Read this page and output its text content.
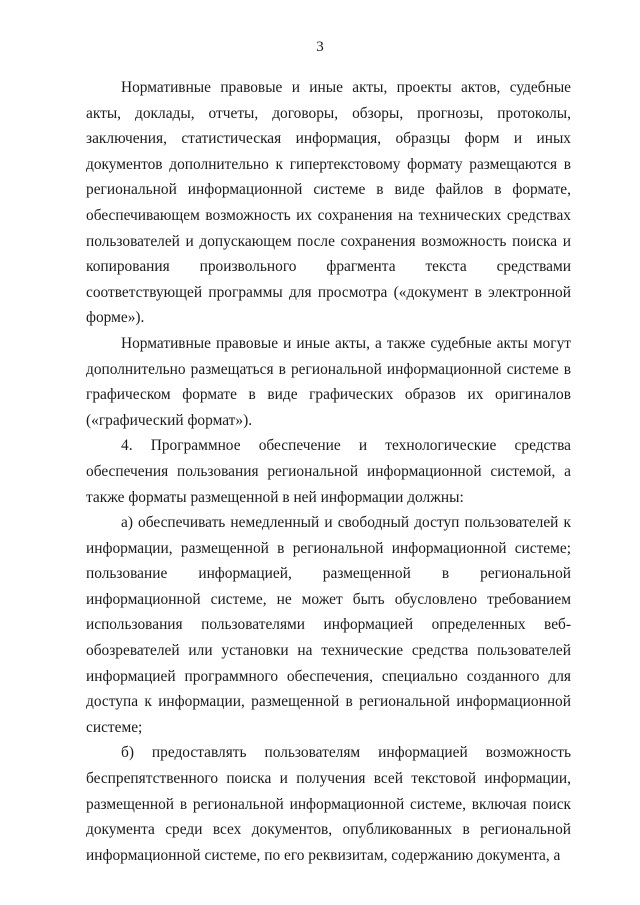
3

Нормативные правовые и иные акты, проекты актов, судебные акты, доклады, отчеты, договоры, обзоры, прогнозы, протоколы, заключения, статистическая информация, образцы форм и иных документов дополнительно к гипертекстовому формату размещаются в региональной информационной системе в виде файлов в формате, обеспечивающем возможность их сохранения на технических средствах пользователей и допускающем после сохранения возможность поиска и копирования произвольного фрагмента текста средствами соответствующей программы для просмотра («документ в электронной форме»).

Нормативные правовые и иные акты, а также судебные акты могут дополнительно размещаться в региональной информационной системе в графическом формате в виде графических образов их оригиналов («графический формат»).

4. Программное обеспечение и технологические средства обеспечения пользования региональной информационной системой, а также форматы размещенной в ней информации должны:

а) обеспечивать немедленный и свободный доступ пользователей к информации, размещенной в региональной информационной системе; пользование информацией, размещенной в региональной информационной системе, не может быть обусловлено требованием использования пользователями информацией определенных веб-обозревателей или установки на технические средства пользователей информацией программного обеспечения, специально созданного для доступа к информации, размещенной в региональной информационной системе;

б) предоставлять пользователям информацией возможность беспрепятственного поиска и получения всей текстовой информации, размещенной в региональной информационной системе, включая поиск документа среди всех документов, опубликованных в региональной информационной системе, по его реквизитам, содержанию документа, а
